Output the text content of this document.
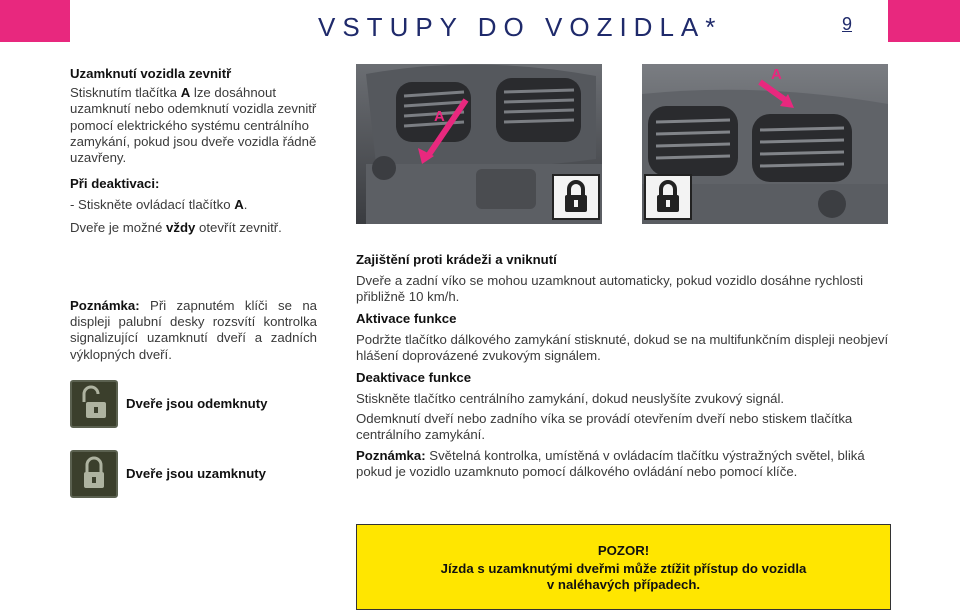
VSTUPY DO VOZIDLA*	9
Uzamknutí vozidla zevnitř

Stisknutím tlačítka A lze dosáhnout uzamknutí nebo odemknutí vozidla zevnitř pomocí elektrického systému centrálního zamykání, pokud jsou dveře vozidla řádně uzavřeny.

Při deaktivaci:

- Stiskněte ovládací tlačítko A.

Dveře je možné vždy otevřít zevnitř.

A
A
Poznámka: Při zapnutém klíči se na displeji palubní desky rozsvítí kontrolka signalizující uzamknutí dveří a zadních výklopných dveří.
Dveře jsou odemknuty
Dveře jsou uzamknuty
Zajištění proti krádeži a vniknutí

Dveře a zadní víko se mohou uzamknout automaticky, pokud vozidlo dosáhne rychlosti přibližně 10 km/h.

Aktivace funkce

Podržte tlačítko dálkového zamykání stisknuté, dokud se na multifunkčním displeji neobjeví hlášení doprovázené zvukovým signálem.

Deaktivace funkce

Stiskněte tlačítko centrálního zamykání, dokud neuslyšíte zvukový signál.

Odemknutí dveří nebo zadního víka se provádí otevřením dveří nebo stiskem tlačítka centrálního zamykání.

Poznámka: Světelná kontrolka, umístěná v ovládacím tlačítku výstražných světel, bliká pokud je vozidlo uzamknuto pomocí dálkového ovládání nebo pomocí klíče.

POZOR!
Jízda s uzamknutými dveřmi může ztížit přístup do vozidla
v naléhavých případech.
